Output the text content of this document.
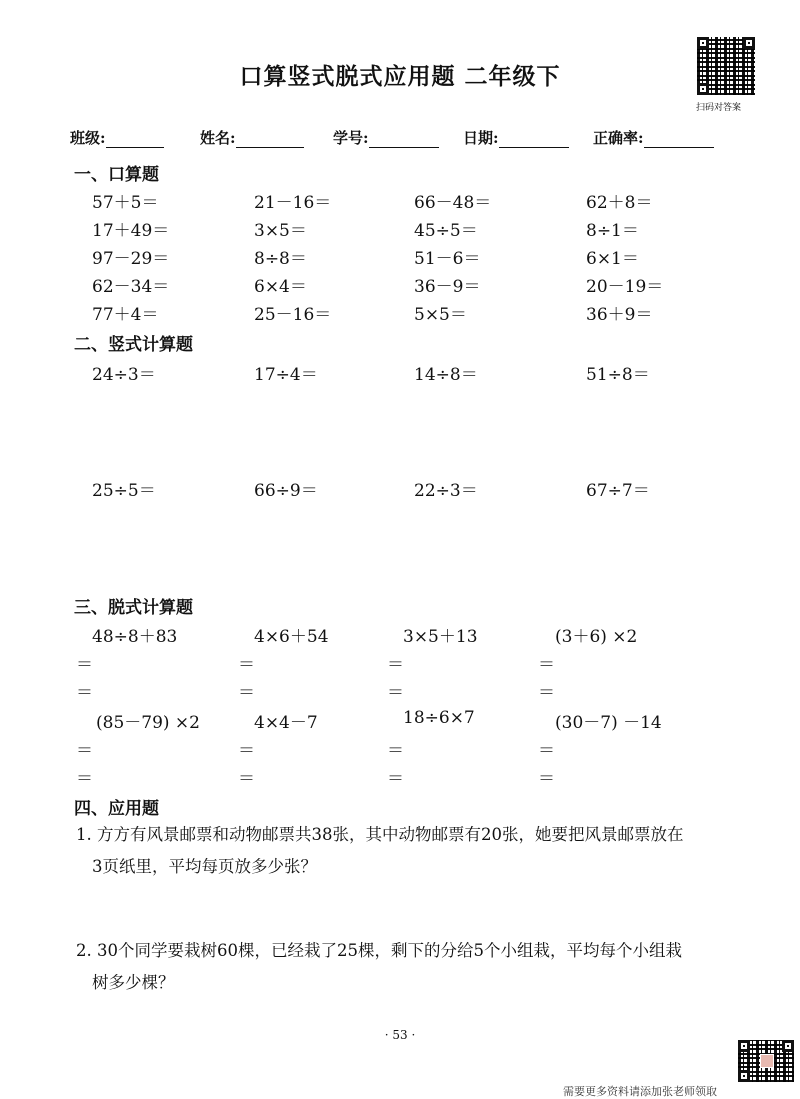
口算竖式脱式应用题 二年级下
扫码对答案
班级:	姓名:	学号:	日期:	正确率:
一、口算题
57＋5＝	21－16＝	66－48＝	62＋8＝
17＋49＝	3×5＝	45÷5＝	8÷1＝
97－29＝	8÷8＝	51－6＝	6×1＝
62－34＝	6×4＝	36－9＝	20－19＝
77＋4＝	25－16＝	5×5＝	36＋9＝
二、竖式计算题
24÷3＝	17÷4＝	14÷8＝	51÷8＝
25÷5＝	66÷9＝	22÷3＝	67÷7＝
三、脱式计算题
48÷8＋83	4×6＋54	3×5＋13	(3＋6) ×2
＝	＝	＝	＝
＝	＝	＝	＝
(85－79) ×2	4×4－7	18÷6×7	(30－7) －14
＝	＝	＝	＝
＝	＝	＝	＝
四、应用题
1. 方方有风景邮票和动物邮票共38张，其中动物邮票有20张，她要把风景邮票放在
3页纸里，平均每页放多少张？
2. 30个同学要栽树60棵，已经栽了25棵，剩下的分给5个小组栽，平均每个小组栽
树多少棵？
· 53 ·
需要更多资料请添加张老师领取
